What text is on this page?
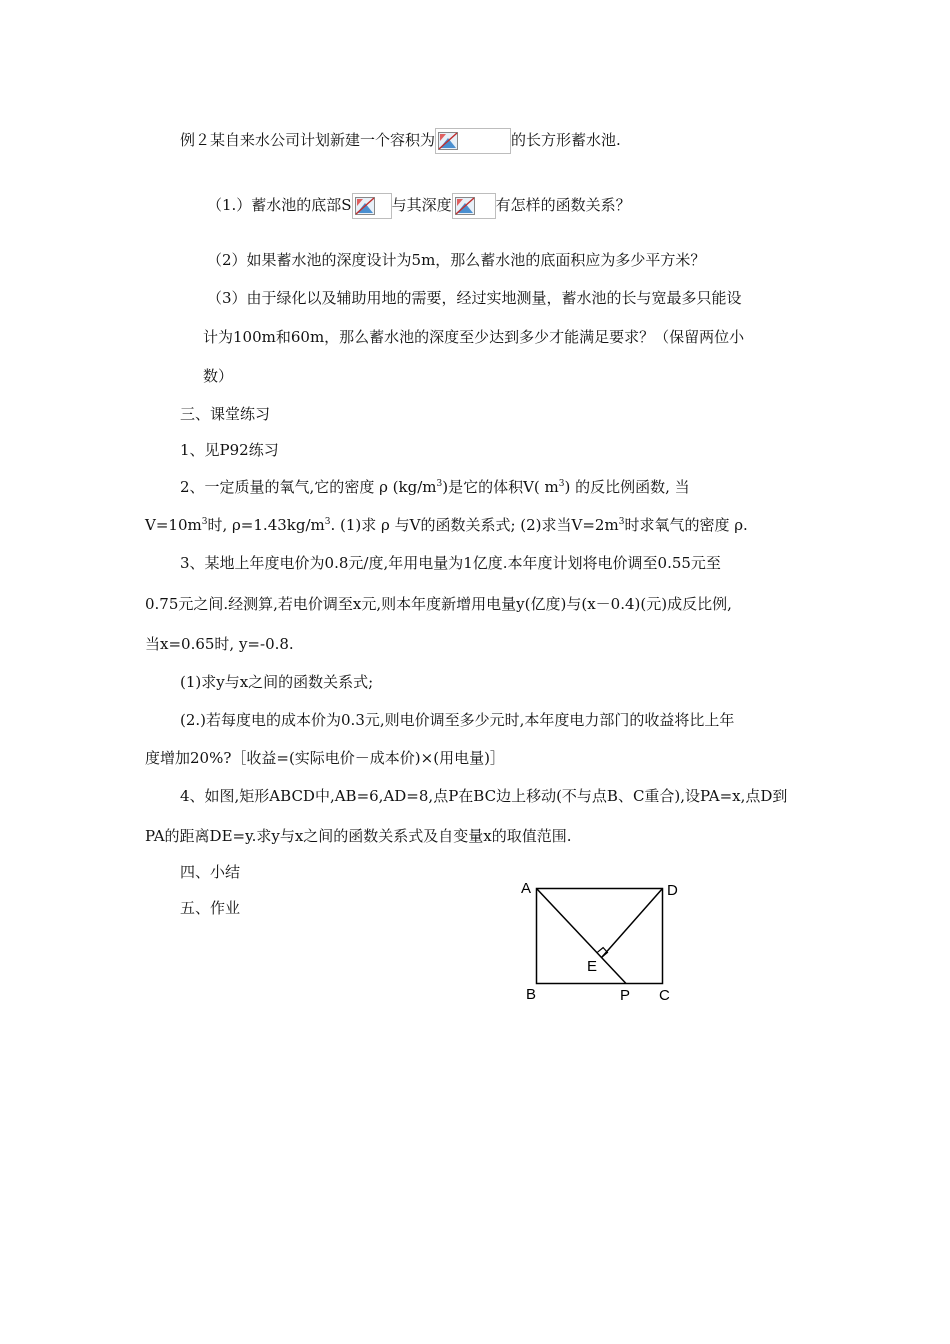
例２某自来水公司计划新建一个容积为	的长方形蓄水池.
（1.）蓄水池的底部S	与其深度	有怎样的函数关系？
（2）如果蓄水池的深度设计为5m，那么蓄水池的底面积应为多少平方米？
（3）由于绿化以及辅助用地的需要，经过实地测量，蓄水池的长与宽最多只能设
计为100m和60m，那么蓄水池的深度至少达到多少才能满足要求？（保留两位小
数）
三、课堂练习
1、见P92练习
2、一定质量的氧气,它的密度 ρ $(kg/m^3)$是它的体积V( $m^3$) 的反比例函数, 当
$V=10m^3$时, $\rho=1.43kg/m^3$. (1)求 ρ 与V的函数关系式; (2)求当$V=2m^3$时求氧气的密度 ρ.
3、某地上年度电价为0.8元/度,年用电量为1亿度.本年度计划将电价调至0.55元至
0.75元之间.经测算,若电价调至x元,则本年度新增用电量y(亿度)与(x－0.4)(元)成反比例,
当x=0.65时, y=-0.8.
(1)求y与x之间的函数关系式;
(2.)若每度电的成本价为0.3元,则电价调至多少元时,本年度电力部门的收益将比上年
度增加20%?［收益=(实际电价－成本价)×(用电量)］
4、如图,矩形ABCD中,AB=6,AD=8,点P在BC边上移动(不与点B、C重合),设PA=x,点D到
PA的距离DE=y.求y与x之间的函数关系式及自变量x的取值范围.
四、小结
五、作业
A	D
B	P C
E
